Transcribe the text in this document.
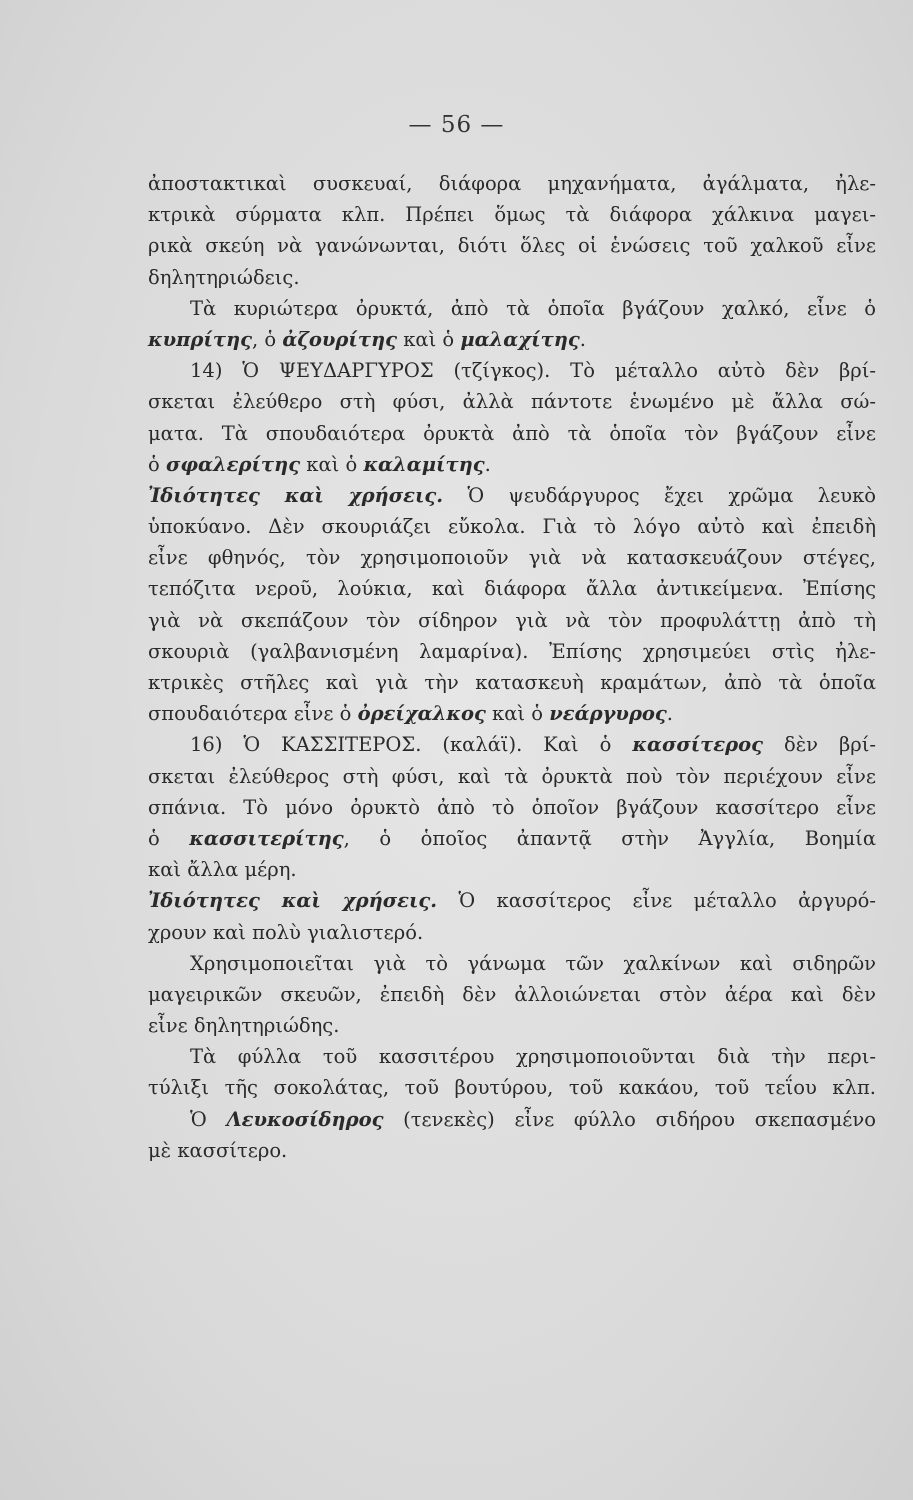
— 56 —
ἀποστακτικαὶ συσκευαί, διάφορα μηχανήματα, ἀγάλματα, ἠλε-
κτρικὰ σύρματα κλπ. Πρέπει ὅμως τὰ διάφορα χάλκινα μαγει-
ρικὰ σκεύη νὰ γανώνωνται, διότι ὅλες οἱ ἑνώσεις τοῦ χαλκοῦ εἶνε
δηλητηριώδεις.
Τὰ κυριώτερα ὀρυκτά, ἀπὸ τὰ ὁποῖα βγάζουν χαλκό, εἶνε ὁ
κυπρίτης, ὁ ἀζουρίτης καὶ ὁ μαλαχίτης.
14) Ὁ ΨΕΥΔΑΡΓΥΡΟΣ (τζίγκος). Τὸ μέταλλο αὐτὸ δὲν βρί-
σκεται ἐλεύθερο στὴ φύσι, ἀλλὰ πάντοτε ἑνωμένο μὲ ἄλλα σώ-
ματα. Τὰ σπουδαιότερα ὀρυκτὰ ἀπὸ τὰ ὁποῖα τὸν βγάζουν εἶνε
ὁ σφαλερίτης καὶ ὁ καλαμίτης.
Ἰδιότητες καὶ χρήσεις. Ὁ ψευδάργυρος ἔχει χρῶμα λευκὸ
ὑποκύανο. Δὲν σκουριάζει εὔκολα. Γιὰ τὸ λόγο αὐτὸ καὶ ἐπειδὴ
εἶνε φθηνός, τὸν χρησιμοποιοῦν γιὰ νὰ κατασκευάζουν στέγες,
τεπόζιτα νεροῦ, λούκια, καὶ διάφορα ἄλλα ἀντικείμενα. Ἐπίσης
γιὰ νὰ σκεπάζουν τὸν σίδηρον γιὰ νὰ τὸν προφυλάττῃ ἀπὸ τὴ
σκουριὰ (γαλβανισμένη λαμαρίνα). Ἐπίσης χρησιμεύει στὶς ἠλε-
κτρικὲς στῆλες καὶ γιὰ τὴν κατασκευὴ κραμάτων, ἀπὸ τὰ ὁποῖα
σπουδαιότερα εἶνε ὁ ὀρείχαλκος καὶ ὁ νεάργυρος.
16) Ὁ ΚΑΣΣΙΤΕΡΟΣ. (καλάϊ). Καὶ ὁ κασσίτερος δὲν βρί-
σκεται ἐλεύθερος στὴ φύσι, καὶ τὰ ὀρυκτὰ ποὺ τὸν περιέχουν εἶνε
σπάνια. Τὸ μόνο ὀρυκτὸ ἀπὸ τὸ ὁποῖον βγάζουν κασσίτερο εἶνε
ὁ κασσιτερίτης, ὁ ὁποῖος ἀπαντᾷ στὴν Ἀγγλία, Βοημία
καὶ ἄλλα μέρη.
Ἰδιότητες καὶ χρήσεις. Ὁ κασσίτερος εἶνε μέταλλο ἀργυρό-
χρουν καὶ πολὺ γιαλιστερό.
Χρησιμοποιεῖται γιὰ τὸ γάνωμα τῶν χαλκίνων καὶ σιδηρῶν
μαγειρικῶν σκευῶν, ἐπειδὴ δὲν ἀλλοιώνεται στὸν ἀέρα καὶ δὲν
εἶνε δηλητηριώδης.
Τὰ φύλλα τοῦ κασσιτέρου χρησιμοποιοῦνται διὰ τὴν περι-
τύλιξι τῆς σοκολάτας, τοῦ βουτύρου, τοῦ κακάου, τοῦ τεΐου κλπ.
Ὁ Λευκοσίδηρος (τενεκὲς) εἶνε φύλλο σιδήρου σκεπασμένο
μὲ κασσίτερο.
